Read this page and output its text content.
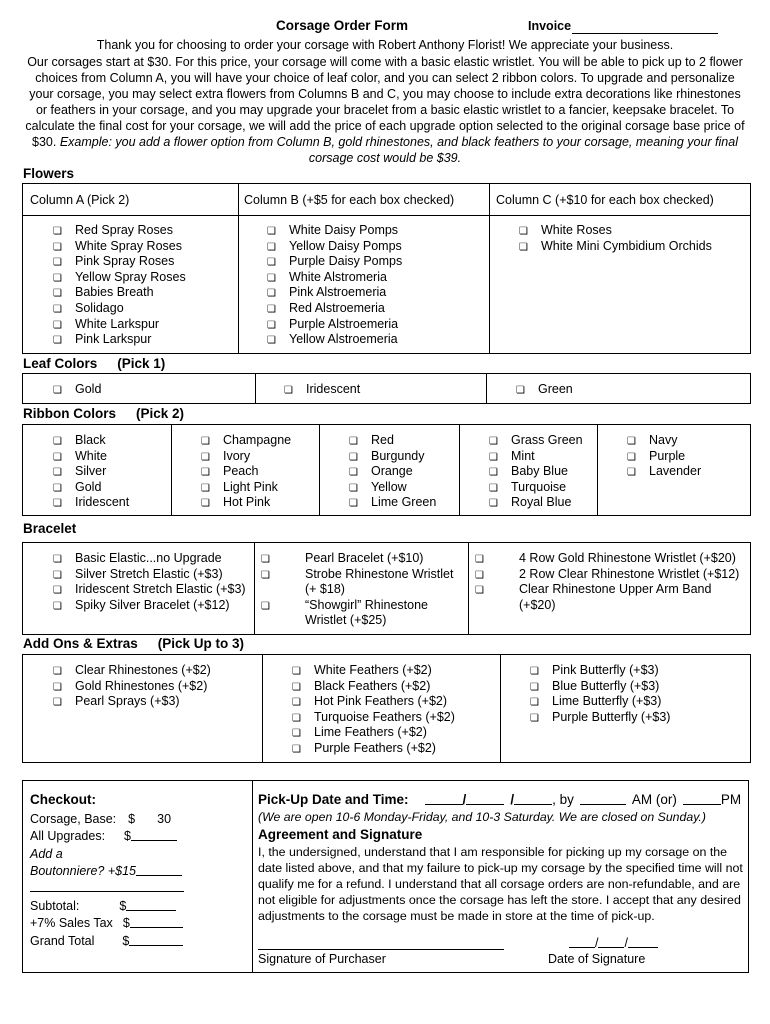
Corsage Order Form	Invoice
Thank you for choosing to order your corsage with Robert Anthony Florist! We appreciate your business.
Our corsages start at $30. For this price, your corsage will come with a basic elastic wristlet. You will be able to pick up to 2 flower choices from Column A, you will have your choice of leaf color, and you can select 2 ribbon colors. To upgrade and personalize your corsage, you may select extra flowers from Columns B and C, you may choose to include extra decorations like rhinestones or feathers in your corsage, and you may upgrade your bracelet from a basic elastic wristlet to a fancier, keepsake bracelet. To calculate the final cost for your corsage, we will add the price of each upgrade option selected to the original corsage base price of $30. Example: you add a flower option from Column B, gold rhinestones, and black feathers to your corsage, meaning your final corsage cost would be $39.
Flowers
Column A (Pick 2)	Column B (+$5 for each box checked)	Column C (+$10 for each box checked)
❏ Red Spray Roses
❏ White Spray Roses
❏ Pink Spray Roses
❏ Yellow Spray Roses
❏ Babies Breath
❏ Solidago
❏ White Larkspur
❏ Pink Larkspur
❏ White Daisy Pomps
❏ Yellow Daisy Pomps
❏ Purple Daisy Pomps
❏ White Alstromeria
❏ Pink Alstroemeria
❏ Red Alstroemeria
❏ Purple Alstroemeria
❏ Yellow Alstroemeria
❏ White Roses
❏ White Mini Cymbidium Orchids
Leaf Colors (Pick 1)
❏ Gold	❏ Iridescent	❏ Green
Ribbon Colors (Pick 2)
❏ Black
❏ White
❏ Silver
❏ Gold
❏ Iridescent
❏ Champagne
❏ Ivory
❏ Peach
❏ Light Pink
❏ Hot Pink
❏ Red
❏ Burgundy
❏ Orange
❏ Yellow
❏ Lime Green
❏ Grass Green
❏ Mint
❏ Baby Blue
❏ Turquoise
❏ Royal Blue
❏ Navy
❏ Purple
❏ Lavender
Bracelet
❏ Basic Elastic...no Upgrade
❏ Silver Stretch Elastic (+$3)
❏ Iridescent Stretch Elastic (+$3)
❏ Spiky Silver Bracelet (+$12)
❏	Pearl Bracelet (+$10)
❏	Strobe Rhinestone Wristlet (+ $18)
❏	“Showgirl” Rhinestone Wristlet (+$25)
❏	4 Row Gold Rhinestone Wristlet (+$20)
❏	2 Row Clear Rhinestone Wristlet (+$12)
❏	Clear Rhinestone Upper Arm Band (+$20)
Add Ons & Extras (Pick Up to 3)
❏ Clear Rhinestones (+$2)
❏ Gold Rhinestones (+$2)
❏ Pearl Sprays (+$3)
❏ White Feathers (+$2)
❏ Black Feathers (+$2)
❏ Hot Pink Feathers (+$2)
❏ Turquoise Feathers (+$2)
❏ Lime Feathers (+$2)
❏ Purple Feathers (+$2)
❏ Pink Butterfly (+$3)
❏ Blue Butterfly (+$3)
❏ Lime Butterfly (+$3)
❏ Purple Butterfly (+$3)
Checkout:
Corsage, Base: $ 30
All Upgrades: $
Add a
Boutonniere? +$15
Subtotal:	$
+7% Sales Tax $
Grand Total $
Pick-Up Date and Time:	/	/	, by	AM (or)	PM
(We are open 10-6 Monday-Friday, and 10-3 Saturday. We are closed on Sunday.)
Agreement and Signature
I, the undersigned, understand that I am responsible for picking up my corsage on the date listed above, and that my failure to pick-up my corsage by the specified time will not qualify me for a refund. I understand that all corsage orders are non-refundable, and are not eligible for adjustments once the corsage has left the store. I accept that any desired adjustments to the corsage must be made in store at the time of pick-up.
Signature of Purchaser
/ /
Date of Signature
